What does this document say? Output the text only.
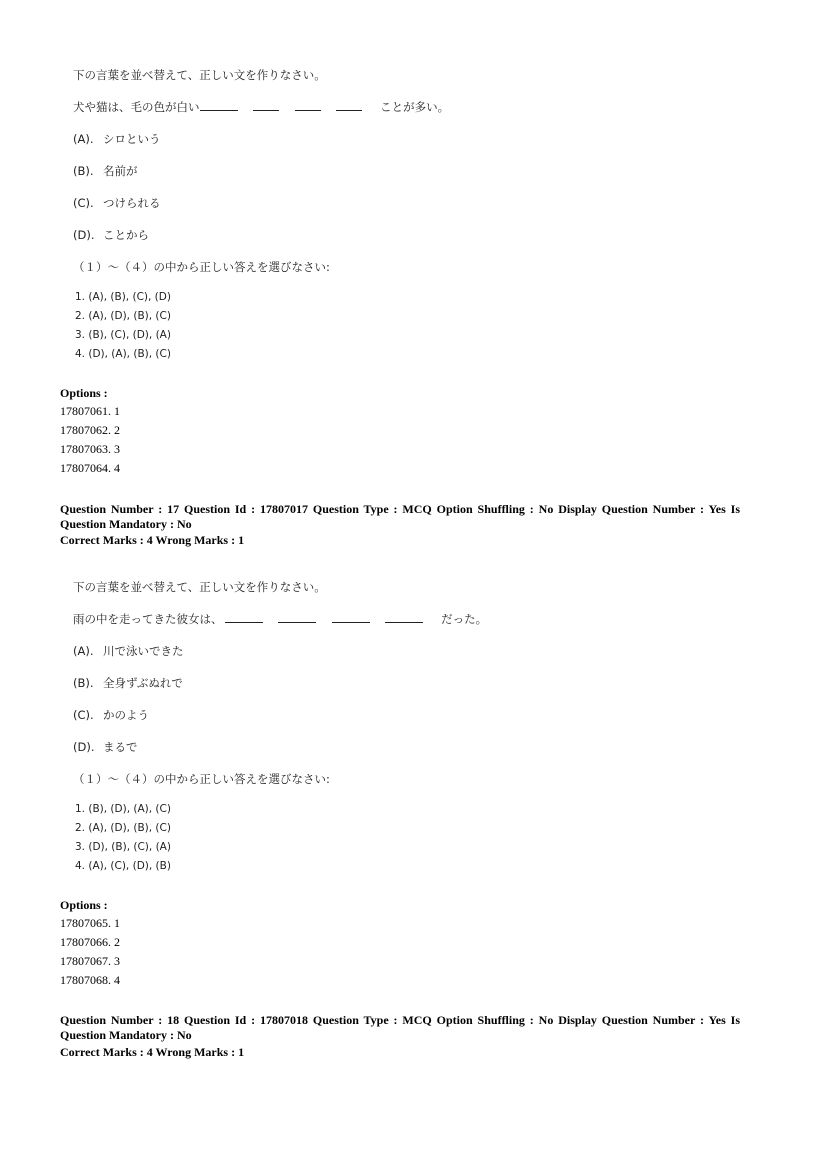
下の言葉を並べ替えて、正しい文を作りなさい。
犬や猫は、毛の色が白い	ことが多い。
(A). シロという
(B). 名前が
(C). つけられる
(D). ことから
（１）～（４）の中から正しい答えを選びなさい:
1. (A), (B), (C), (D)
2. (A), (D), (B), (C)
3. (B), (C), (D), (A)
4. (D), (A), (B), (C)
Options :
17807061. 1
17807062. 2
17807063. 3
17807064. 4
Question Number : 17 Question Id : 17807017 Question Type : MCQ Option Shuffling : No Display Question Number : Yes Is Question Mandatory : No
Correct Marks : 4 Wrong Marks : 1
下の言葉を並べ替えて、正しい文を作りなさい。
雨の中を走ってきた彼女は、	だった。
(A). 川で泳いできた
(B). 全身ずぶぬれで
(C). かのよう
(D). まるで
（１）～（４）の中から正しい答えを選びなさい:
1. (B), (D), (A), (C)
2. (A), (D), (B), (C)
3. (D), (B), (C), (A)
4. (A), (C), (D), (B)
Options :
17807065. 1
17807066. 2
17807067. 3
17807068. 4
Question Number : 18 Question Id : 17807018 Question Type : MCQ Option Shuffling : No Display Question Number : Yes Is Question Mandatory : No
Correct Marks : 4 Wrong Marks : 1
